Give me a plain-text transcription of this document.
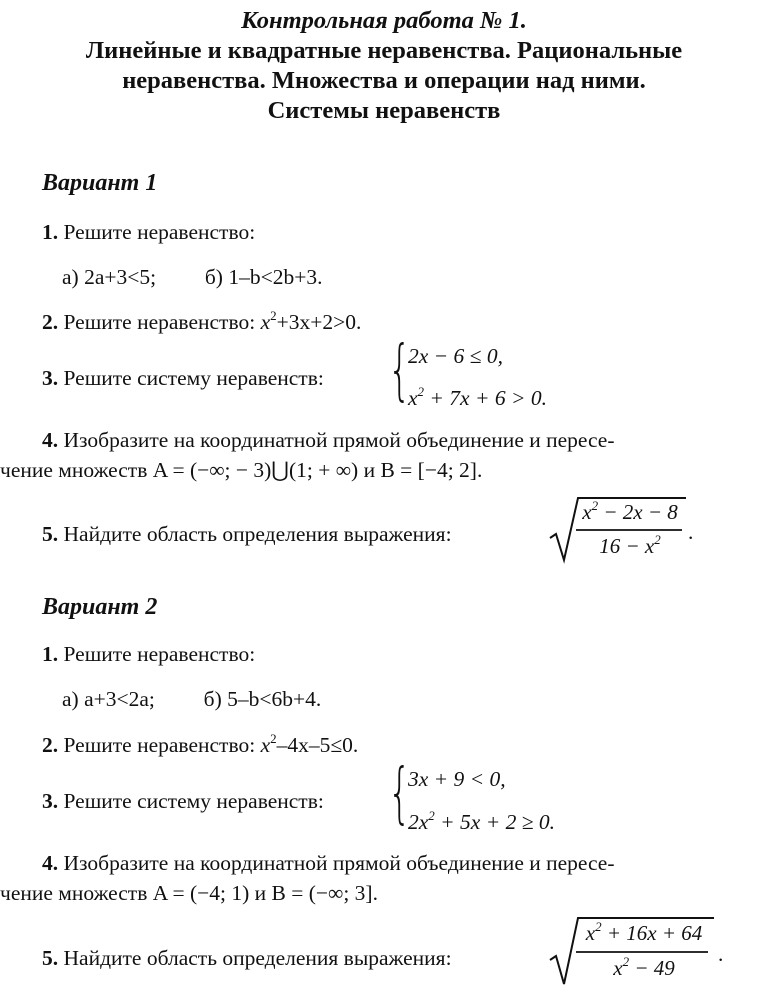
Контрольная работа № 1.
Линейные и квадратные неравенства. Рациональные
неравенства. Множества и операции над ними.
Системы неравенств
Вариант 1
1. Решите неравенство:
а) 2a+3<5; б) 1–b<2b+3.
2. Решите неравенство: $x^2+3x+2>0$.
3. Решите систему неравенств: {
2x − 6 ≤ 0,
$x^2 + 7x + 6 > 0$.
4. Изобразите на координатной прямой объединение и пересе-
чение множеств A = (−∞; − 3)⋃(1; + ∞) и B = [−4; 2].
5. Найдите область определения выражения:
$x^2 - 2x - 8$
$16 - x^2$	.
Вариант 2
1. Решите неравенство:
а) a+3<2a; б) 5–b<6b+4.
2. Решите неравенство: $x^2-4x-5\le 0$.
3. Решите систему неравенств: {
3x + 9 < 0,
$2x^2 + 5x + 2 \ge 0$.
4. Изобразите на координатной прямой объединение и пересе-
чение множеств A = (−4; 1) и B = (−∞; 3].
5. Найдите область определения выражения:
$x^2 + 16x + 64$
$x^2 - 49$
.
